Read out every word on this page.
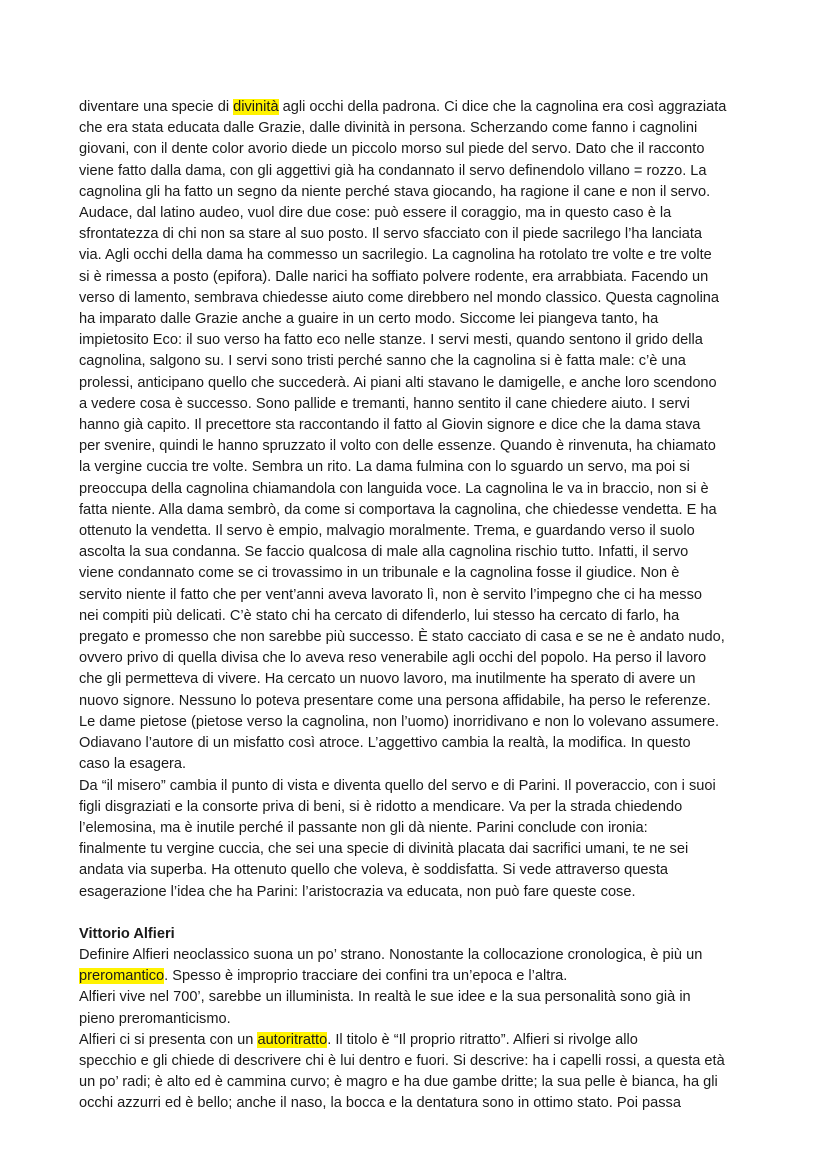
diventare una specie di divinità agli occhi della padrona. Ci dice che la cagnolina era così aggraziata
che era stata educata dalle Grazie, dalle divinità in persona. Scherzando come fanno i cagnolini
giovani, con il dente color avorio diede un piccolo morso sul piede del servo. Dato che il racconto
viene fatto dalla dama, con gli aggettivi già ha condannato il servo definendolo villano = rozzo. La
cagnolina gli ha fatto un segno da niente perché stava giocando, ha ragione il cane e non il servo.
Audace, dal latino audeo, vuol dire due cose: può essere il coraggio, ma in questo caso è la
sfrontatezza di chi non sa stare al suo posto. Il servo sfacciato con il piede sacrilego l’ha lanciata
via. Agli occhi della dama ha commesso un sacrilegio. La cagnolina ha rotolato tre volte e tre volte
si è rimessa a posto (epifora). Dalle narici ha soffiato polvere rodente, era arrabbiata. Facendo un
verso di lamento, sembrava chiedesse aiuto come direbbero nel mondo classico. Questa cagnolina
ha imparato dalle Grazie anche a guaire in un certo modo. Siccome lei piangeva tanto, ha
impietosito Eco: il suo verso ha fatto eco nelle stanze. I servi mesti, quando sentono il grido della
cagnolina, salgono su. I servi sono tristi perché sanno che la cagnolina si è fatta male: c’è una
prolessi, anticipano quello che succederà. Ai piani alti stavano le damigelle, e anche loro scendono
a vedere cosa è successo. Sono pallide e tremanti, hanno sentito il cane chiedere aiuto. I servi
hanno già capito. Il precettore sta raccontando il fatto al Giovin signore e dice che la dama stava
per svenire, quindi le hanno spruzzato il volto con delle essenze. Quando è rinvenuta, ha chiamato
la vergine cuccia tre volte. Sembra un rito. La dama fulmina con lo sguardo un servo, ma poi si
preoccupa della cagnolina chiamandola con languida voce. La cagnolina le va in braccio, non si è
fatta niente. Alla dama sembrò, da come si comportava la cagnolina, che chiedesse vendetta. E ha
ottenuto la vendetta. Il servo è empio, malvagio moralmente. Trema, e guardando verso il suolo
ascolta la sua condanna. Se faccio qualcosa di male alla cagnolina rischio tutto. Infatti, il servo
viene condannato come se ci trovassimo in un tribunale e la cagnolina fosse il giudice. Non è
servito niente il fatto che per vent’anni aveva lavorato lì, non è servito l’impegno che ci ha messo
nei compiti più delicati. C’è stato chi ha cercato di difenderlo, lui stesso ha cercato di farlo, ha
pregato e promesso che non sarebbe più successo. È stato cacciato di casa e se ne è andato nudo,
ovvero privo di quella divisa che lo aveva reso venerabile agli occhi del popolo. Ha perso il lavoro
che gli permetteva di vivere. Ha cercato un nuovo lavoro, ma inutilmente ha sperato di avere un
nuovo signore. Nessuno lo poteva presentare come una persona affidabile, ha perso le referenze.
Le dame pietose (pietose verso la cagnolina, non l’uomo) inorridivano e non lo volevano assumere.
Odiavano l’autore di un misfatto così atroce. L’aggettivo cambia la realtà, la modifica. In questo
caso la esagera.
Da “il misero” cambia il punto di vista e diventa quello del servo e di Parini. Il poveraccio, con i suoi
figli disgraziati e la consorte priva di beni, si è ridotto a mendicare. Va per la strada chiedendo
l’elemosina, ma è inutile perché il passante non gli dà niente. Parini conclude con ironia:
finalmente tu vergine cuccia, che sei una specie di divinità placata dai sacrifici umani, te ne sei
andata via superba. Ha ottenuto quello che voleva, è soddisfatta. Si vede attraverso questa
esagerazione l’idea che ha Parini: l’aristocrazia va educata, non può fare queste cose.
Vittorio Alfieri
Definire Alfieri neoclassico suona un po’ strano. Nonostante la collocazione cronologica, è più un
preromantico. Spesso è improprio tracciare dei confini tra un’epoca e l’altra.
Alfieri vive nel 700’, sarebbe un illuminista. In realtà le sue idee e la sua personalità sono già in
pieno preromanticismo.
Alfieri ci si presenta con un autoritratto. Il titolo è “Il proprio ritratto”. Alfieri si rivolge allo
specchio e gli chiede di descrivere chi è lui dentro e fuori. Si descrive: ha i capelli rossi, a questa età
un po’ radi; è alto ed è cammina curvo; è magro e ha due gambe dritte; la sua pelle è bianca, ha gli
occhi azzurri ed è bello; anche il naso, la bocca e la dentatura sono in ottimo stato. Poi passa
